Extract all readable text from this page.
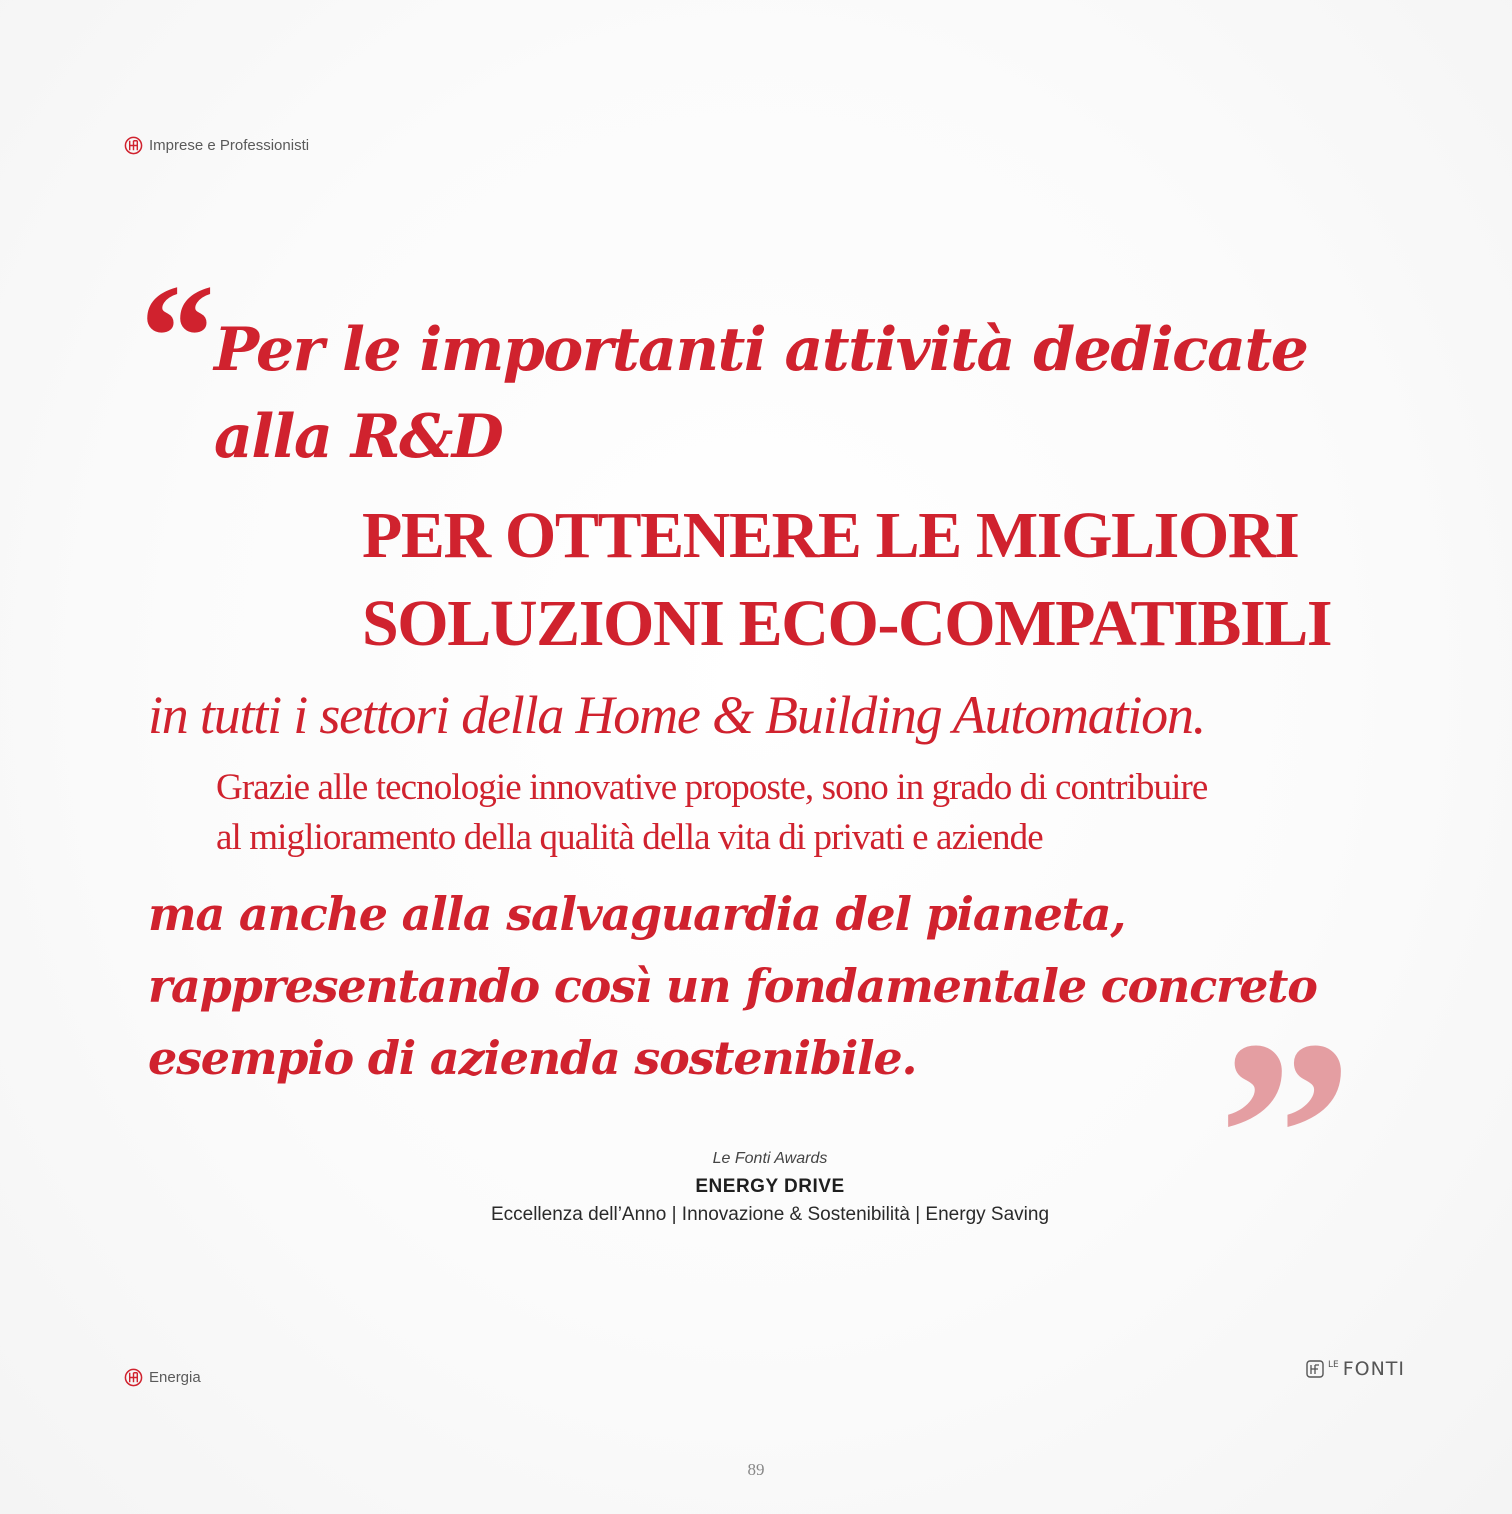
Imprese e Professionisti
“ Per le importanti attività dedicate
alla R&D
PER OTTENERE LE MIGLIORI
SOLUZIONI ECO-COMPATIBILI
in tutti i settori della Home & Building Automation.
Grazie alle tecnologie innovative proposte, sono in grado di contribuire
al miglioramento della qualità della vita di privati e aziende
ma anche alla salvaguardia del pianeta,
rappresentando così un fondamentale concreto
esempio di azienda sostenibile. ”
Le Fonti Awards
ENERGY DRIVE
Eccellenza dell’Anno | Innovazione & Sostenibilità | Energy Saving
Energia
LE FONTI
89
